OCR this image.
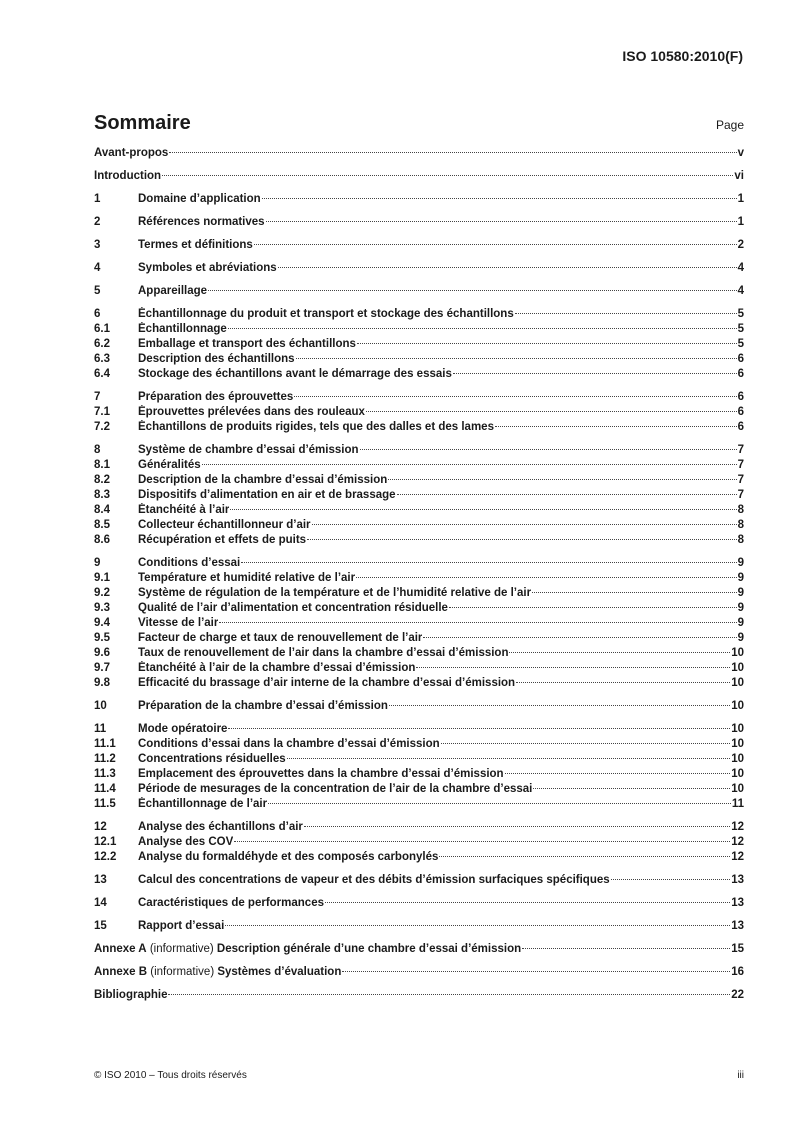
ISO 10580:2010(F)
Sommaire	Page
Avant-propos	v
Introduction	vi
1	Domaine d’application	1
2	Références normatives	1
3	Termes et définitions	2
4	Symboles et abréviations	4
5	Appareillage	4
6	Échantillonnage du produit et transport et stockage des échantillons	5
6.1	Échantillonnage	5
6.2	Emballage et transport des échantillons	5
6.3	Description des échantillons	6
6.4	Stockage des échantillons avant le démarrage des essais	6
7	Préparation des éprouvettes	6
7.1	Éprouvettes prélevées dans des rouleaux	6
7.2	Échantillons de produits rigides, tels que des dalles et des lames	6
8	Système de chambre d’essai d’émission	7
8.1	Généralités	7
8.2	Description de la chambre d’essai d’émission	7
8.3	Dispositifs d’alimentation en air et de brassage	7
8.4	Étanchéité à l’air	8
8.5	Collecteur échantillonneur d’air	8
8.6	Récupération et effets de puits	8
9	Conditions d’essai	9
9.1	Température et humidité relative de l’air	9
9.2	Système de régulation de la température et de l’humidité relative de l’air	9
9.3	Qualité de l’air d’alimentation et concentration résiduelle	9
9.4	Vitesse de l’air	9
9.5	Facteur de charge et taux de renouvellement de l’air	9
9.6	Taux de renouvellement de l’air dans la chambre d’essai d’émission	10
9.7	Étanchéité à l’air de la chambre d’essai d’émission	10
9.8	Efficacité du brassage d’air interne de la chambre d’essai d’émission	10
10	Préparation de la chambre d’essai d’émission	10
11	Mode opératoire	10
11.1	Conditions d’essai dans la chambre d’essai d’émission	10
11.2	Concentrations résiduelles	10
11.3	Emplacement des éprouvettes dans la chambre d’essai d’émission	10
11.4	Période de mesurages de la concentration de l’air de la chambre d’essai	10
11.5	Échantillonnage de l’air	11
12	Analyse des échantillons d’air	12
12.1	Analyse des COV	12
12.2	Analyse du formaldéhyde et des composés carbonylés	12
13	Calcul des concentrations de vapeur et des débits d’émission surfaciques spécifiques	13
14	Caractéristiques de performances	13
15	Rapport d’essai	13
Annexe A (informative) Description générale d’une chambre d’essai d’émission	15
Annexe B (informative) Systèmes d’évaluation	16
Bibliographie	22
© ISO 2010 – Tous droits réservés	iii
